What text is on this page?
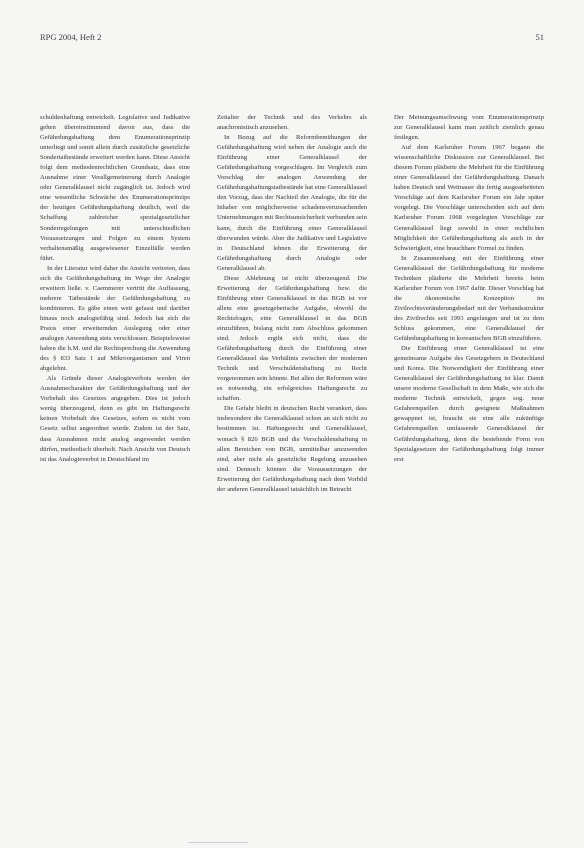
RPG 2004, Heft 2	51

schuldenhaftung entwickelt. Legislative und Judikative gehen übereinstimmend davon aus, dass die Gefährdungshaftung dem Enumerationsprinzip unterliegt und somit allein durch zusätzliche gesetzliche Sondertatbestände erweitert werden kann. Diese Ansicht folgt dem methodenrechtlichen Grundsatz, dass eine Ausnahme einer Verallgemeinerung durch Analogie oder Generalklausel nicht zugänglich ist. Jedoch wird eine wesentliche Schwäche des Enumerationsprinzips der heutigen Gefährdungshaftung deutlich, weil die Schaffung zahlreicher spezialgesetzlicher Sonderregelungen mit unterschiedlichen Voraussetzungen und Folgen zu einem System verhaltensmäßig ausgewiesener Einzelfälle werden führt.

In der Literatur wird daher die Ansicht vertreten, dass sich die Gefährdungshaftung im Wege der Analogie erweitern ließe. v. Caemmerer vertritt die Auffassung, mehrere Tatbestände der Gefährdungshaftung zu kombinieren. Es gäbe einen weit gefasst und darüber hinaus noch analogiefähig sind. Jedoch hat sich die Praxis einer erweiternden Auslegung oder einer analogen Anwendung stets verschlossen. Beispielsweise haben die h.M. und die Rechtsprechung die Anwendung des § 833 Satz 1 auf Mikroorganismen und Viren abgelehnt.

Als Gründe dieser Analogieverbots werden der Ausnahmecharakter der Gefährdungshaftung und der Vorbehalt des Gesetzes angegeben. Dies ist jedoch wenig überzeugend, denn es gibt im Haftungsrecht keinen Vorbehalt des Gesetzes, sofern es nicht vom Gesetz selbst angeordnet wurde. Zudem ist der Satz, dass Ausnahmen nicht analog angewendet werden dürfen, methodisch überholt. Nach Ansicht von Deutsch ist das Analogieverbot in Deutschland im

Zeitalter der Technik und des Verkehrs als anachronistisch anzusehen.

In Bezug auf die Reformbemühungen der Gefährdungshaftung wird neben der Analogie auch die Einführung einer Generalklausel der Gefährdungshaftung vorgeschlagen. Im Vergleich zum Vorschlag der analogen Anwendung der Gefährdungshaftungstatbestände hat eine Generalklausel den Vorzug, dass der Nachteil der Analogie, die für die Inhaber von möglicherweise schadensverursachenden Unternehmungen mit Rechtsunsicherheit verbunden sein kann, durch die Einführung einer Generalklausel überwunden würde. Aber die Judikative und Legislative in Deutschland lehnen die Erweiterung der Gefährdungshaftung durch Analogie oder Generalklausel ab.

Diese Ablehnung ist nicht überzeugend. Die Erweiterung der Gefährdungshaftung bzw. die Einführung einer Generalklausel in das BGB ist vor allem eine gesetzgeberische Aufgabe, obwohl die Rechtsfragen, eine Generalklausel in das BGB einzuführen, bislang nicht zum Abschluss gekommen sind. Jedoch ergibt sich nicht, dass die Gefährdungshaftung durch die Einführung einer Generalklausel das Verhältnis zwischen der modernen Technik und Verschuldenshaftung zu Recht vorgenommen sein könnte. Bei allen der Reformen wäre es notwendig, ein erfolgreiches Haftungsrecht zu schaffen.

Die Gefahr bleibt in deutschen Recht verankert, dass insbesondere die Generalklausel schon an sich nicht zu bestimmen ist. Haftungsrecht und Generalklausel, wonach § 826 BGB und die Verschuldenshaftung in allen Bereichen von BGB, unmittelbar anzuwenden sind, aber nicht als gesetzliche Regelung anzusehen sind. Dennoch können die Voraussetzungen der Erweiterung der Gefährdungshaftung nach dem Vorbild der anderen Generalklausel tatsächlich im Betracht

Der Meinungsumschwung vom Enumerationsprinzip zur Generalklausel kann man zeitlich ziemlich genau festlegen.

Auf dem Karlsruher Forum 1967 begann die wissenschaftliche Diskussion zur Generalklausel. Bei diesem Forum plädierte die Mehrheit für die Einführung einer Generalklausel der Gefährdungshaftung. Danach haben Deutsch und Weitnauer die fertig ausgearbeiteten Vorschläge auf dem Karlsruher Forum ein Jahr später vorgelegt. Die Vorschläge unterscheiden sich auf dem Karlsruher Forum 1968 vorgelegten Vorschläge zur Generalklausel liegt sowohl in einer rechtlichen Möglichkeit der Gefährdungshaftung als auch in der Schwierigkeit, eine brauchbare Formel zu finden.

In Zusammenhang mit der Einführung einer Generalklausel der Gefährdungshaftung für moderne Techniken plädierte die Mehrheit bereits beim Karlsruher Forum von 1967 dafür. Dieser Vorschlag hat die ökonomische Konzeption im Zivilrechtsveränderungsbedarf mit der Verbandsstruktur des Zivilrechts seit 1993 angefangen und ist zu dem Schluss gekommen, eine Generalklausel der Gefährdungshaftung in koreanischen BGB einzuführen.

Die Einführung einer Generalklausel ist eine gemeinsame Aufgabe des Gesetzgebers in Deutschland und Korea. Die Notwendigkeit der Einführung einer Generalklausel der Gefährdungshaftung ist klar. Damit unsere moderne Gesellschaft in dem Maße, wie sich die moderne Technik entwickelt, gegen sog. neue Gefahrenquellen durch geeignete Maßnahmen gewappnet ist, braucht sie eine alle zukünftige Gefahrenquellen umfassende Generalklausel der Gefährdungshaftung, denn die bestehende Form von Spezialgesetzen der Gefährdungshaftung folgt immer erst
